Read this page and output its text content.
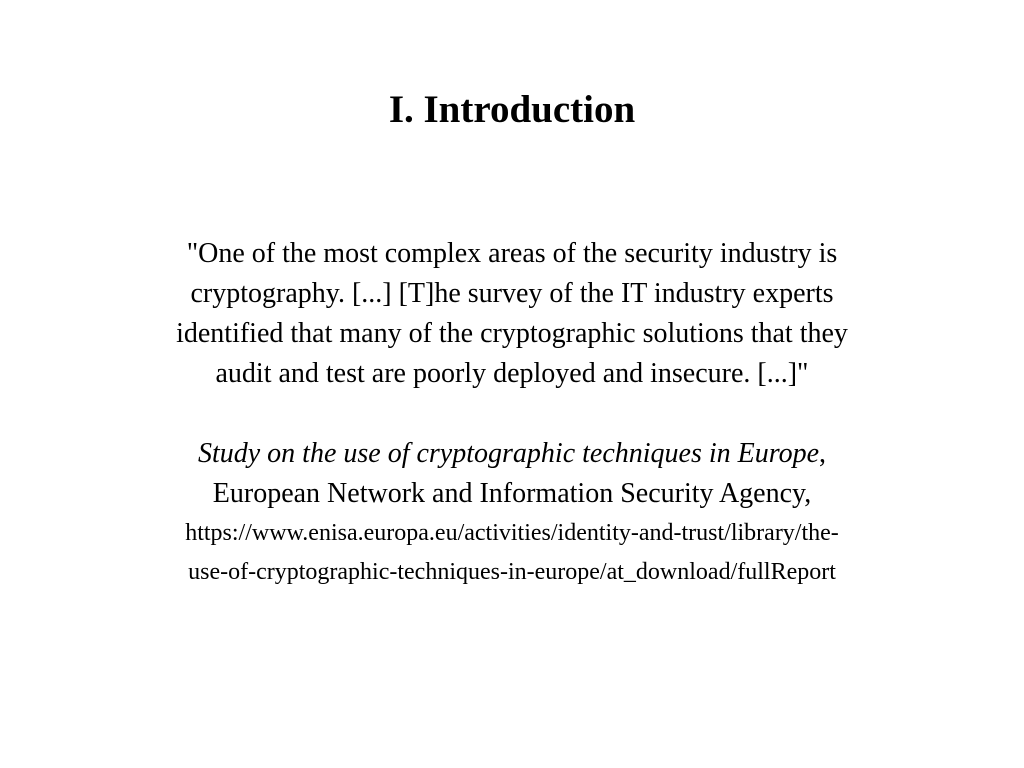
I. Introduction

"One of the most complex areas of the security industry is
cryptography. [...] [T]he survey of the IT industry experts
identified that many of the cryptographic solutions that they
audit and test are poorly deployed and insecure. [...]"

Study on the use of cryptographic techniques in Europe,
European Network and Information Security Agency,
https://www.enisa.europa.eu/activities/identity-and-trust/library/the-
use-of-cryptographic-techniques-in-europe/at_download/fullReport
